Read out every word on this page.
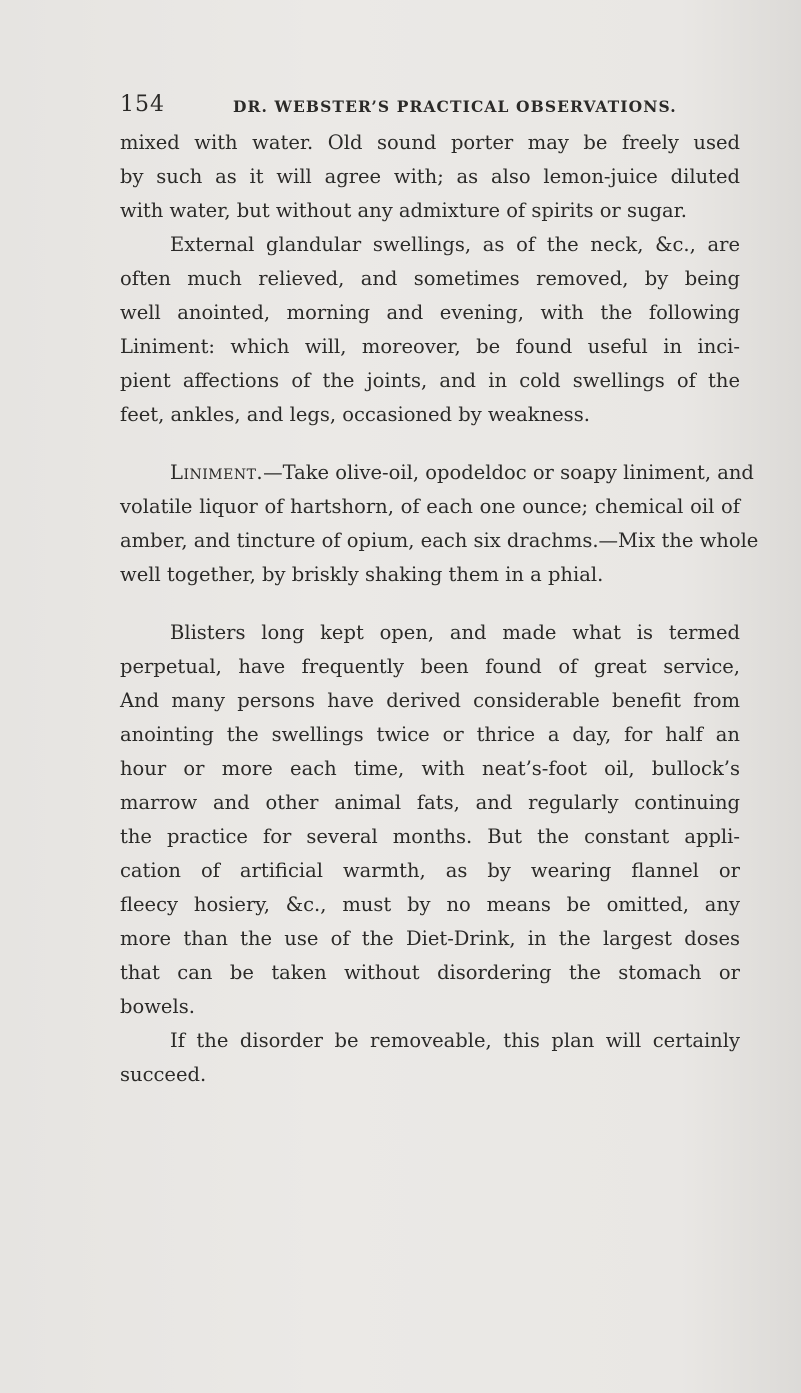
154	DR. WEBSTER’S PRACTICAL OBSERVATIONS.
mixed with water. Old sound porter may be freely used
by such as it will agree with; as also lemon-juice diluted
with water, but without any admixture of spirits or sugar.
External glandular swellings, as of the neck, &c., are
often much relieved, and sometimes removed, by being
well anointed, morning and evening, with the following
Liniment: which will, moreover, be found useful in inci-
pient affections of the joints, and in cold swellings of the
feet, ankles, and legs, occasioned by weakness.
Liniment.—Take olive-oil, opodeldoc or soapy liniment, and
volatile liquor of hartshorn, of each one ounce; chemical oil of
amber, and tincture of opium, each six drachms.—Mix the whole
well together, by briskly shaking them in a phial.
Blisters long kept open, and made what is termed
perpetual, have frequently been found of great service,
And many persons have derived considerable benefit from
anointing the swellings twice or thrice a day, for half an
hour or more each time, with neat’s-foot oil, bullock’s
marrow and other animal fats, and regularly continuing
the practice for several months. But the constant appli-
cation of artificial warmth, as by wearing flannel or
fleecy hosiery, &c., must by no means be omitted, any
more than the use of the Diet-Drink, in the largest doses
that can be taken without disordering the stomach or
bowels.
If the disorder be removeable, this plan will certainly
succeed.
